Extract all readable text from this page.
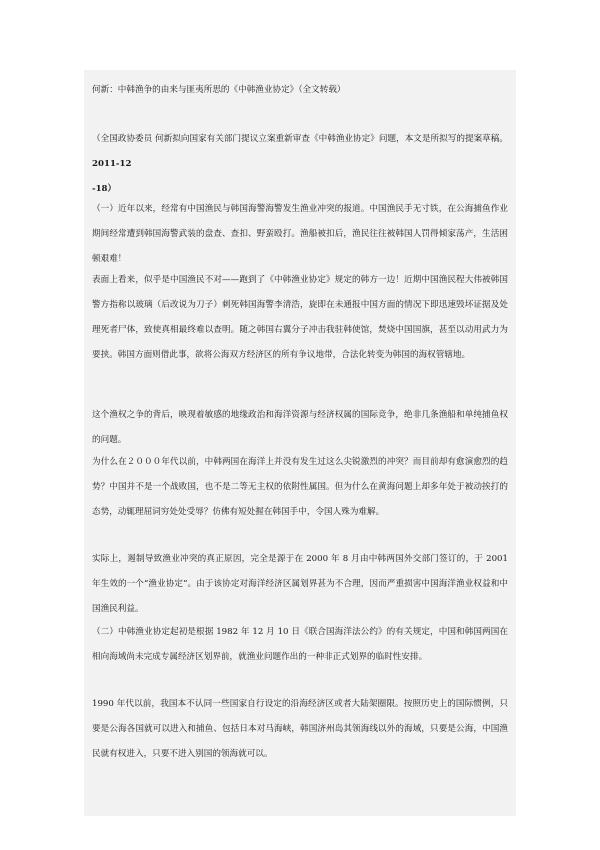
何新：中韩渔争的由来与匪夷所思的《中韩渔业协定》（全文转载）

（全国政协委员 何新拟向国家有关部门提议立案重新审查《中韩渔业协定》问题，本文是所拟写的提案草稿。2011-12
-18）

（一）近年以来，经常有中国渔民与韩国海警海警发生渔业冲突的报道。中国渔民手无寸铁，在公海捕鱼作业期间经常遭到韩国海警武装的盘查、查扣、野蛮殴打。渔船被扣后，渔民往往被韩国人罚得倾家荡产，生活困顿艰难！

表面上看来，似乎是中国渔民不对——跑到了《中韩渔业协定》规定的韩方一边！近期中国渔民程大伟被韩国警方指称以玻璃（后改说为刀子）刺死韩国海警李清浩，旋即在未通报中国方面的情况下即迅速毁坏证据及处理死者尸体，致使真相最终难以查明。随之韩国右翼分子冲击我驻韩使馆，焚烧中国国旗，甚至以动用武力为要挟。韩国方面则借此事，欲将公海双方经济区的所有争议地带，合法化转变为韩国的海权管辖地。

这个渔权之争的背后，映现着敏感的地缘政治和海洋资源与经济权属的国际竞争，绝非几条渔船和单纯捕鱼权的问题。

为什么在２０００年代以前，中韩两国在海洋上并没有发生过这么尖锐激烈的冲突？而目前却有愈演愈烈的趋势？中国并不是一个战败国，也不是二等无主权的依附性属国。但为什么在黄海问题上却多年处于被动挨打的态势，动辄理屈词穷处处受辱？仿佛有短处握在韩国手中，令国人殊为难解。

实际上，遏制导致渔业冲突的真正原因，完全是源于在 2000 年 8 月由中韩两国外交部门签订的，于 2001 年生效的一个“渔业协定”。由于该协定对海洋经济区属划界甚为不合理，因而严重损害中国海洋渔业权益和中国渔民利益。

（二）中韩渔业协定起初是根据 1982 年 12 月 10 日《联合国海洋法公约》的有关规定，中国和韩国两国在相向海域尚未完成专属经济区划界前，就渔业问题作出的一种非正式划界的临时性安排。

1990 年代以前，我国本不认同一些国家自行设定的沿海经济区或者大陆架圈限。按照历史上的国际惯例，只要是公海各国就可以进入和捕鱼、包括日本对马海峡，韩国济州岛其领海线以外的海域，只要是公海，中国渔民就有权进入，只要不进入别国的领海就可以。
